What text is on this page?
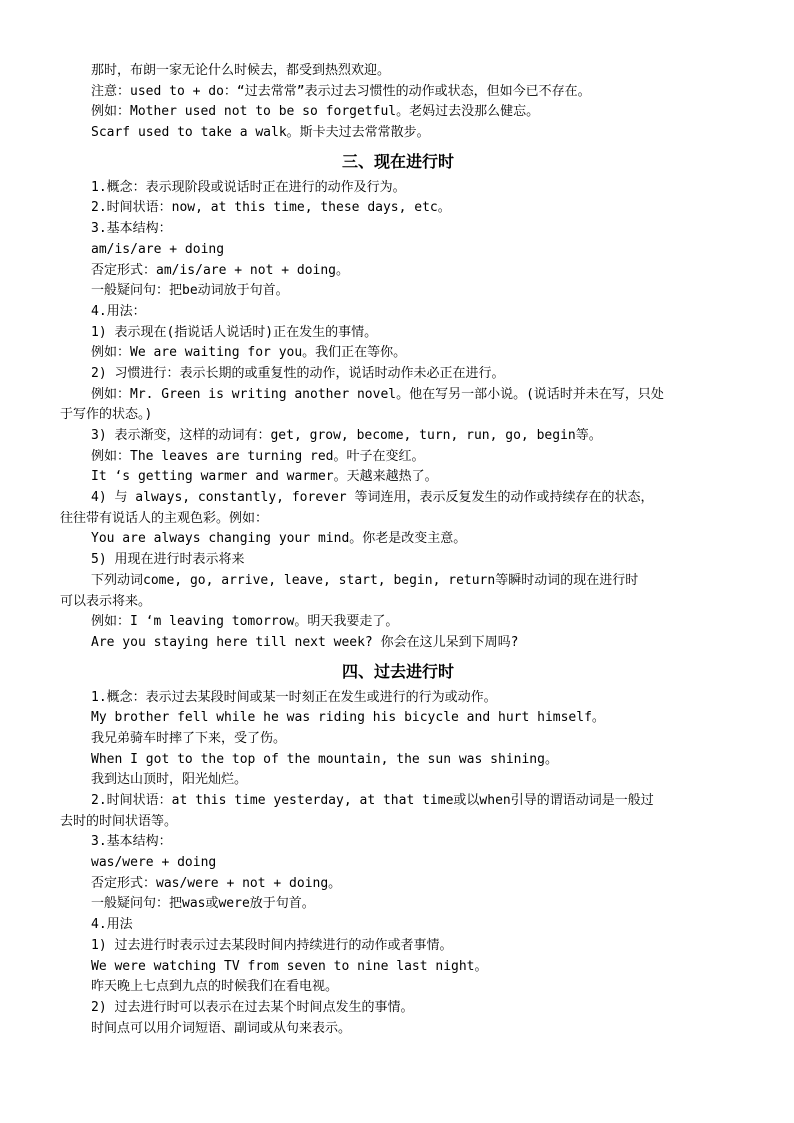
那时，布朗一家无论什么时候去，都受到热烈欢迎。
注意：used to + do：“过去常常”表示过去习惯性的动作或状态，但如今已不存在。
例如：Mother used not to be so forgetful。老妈过去没那么健忘。
Scarf used to take a walk。斯卡夫过去常常散步。
三、现在进行时
1.概念：表示现阶段或说话时正在进行的动作及行为。
2.时间状语：now, at this time, these days, etc。
3.基本结构：
am/is/are + doing
否定形式：am/is/are + not + doing。
一般疑问句：把be动词放于句首。
4.用法：
1) 表示现在(指说话人说话时)正在发生的事情。
例如：We are waiting for you。我们正在等你。
2) 习惯进行：表示长期的或重复性的动作，说话时动作未必正在进行。
例如：Mr. Green is writing another novel。他在写另一部小说。(说话时并未在写，只处
于写作的状态。)
3) 表示渐变，这样的动词有：get, grow, become, turn, run, go, begin等。
例如：The leaves are turning red。叶子在变红。
It ‘s getting warmer and warmer。天越来越热了。
4) 与 always, constantly, forever 等词连用，表示反复发生的动作或持续存在的状态，
往往带有说话人的主观色彩。例如：
You are always changing your mind。你老是改变主意。
5) 用现在进行时表示将来
下列动词come, go, arrive, leave, start, begin, return等瞬时动词的现在进行时
可以表示将来。
例如：I ‘m leaving tomorrow。明天我要走了。
Are you staying here till next week? 你会在这儿呆到下周吗?
四、过去进行时
1.概念：表示过去某段时间或某一时刻正在发生或进行的行为或动作。
My brother fell while he was riding his bicycle and hurt himself。
我兄弟骑车时摔了下来，受了伤。
When I got to the top of the mountain, the sun was shining。
我到达山顶时，阳光灿烂。
2.时间状语：at this time yesterday, at that time或以when引导的谓语动词是一般过
去时的时间状语等。
3.基本结构：
was/were + doing
否定形式：was/were + not + doing。
一般疑问句：把was或were放于句首。
4.用法
1) 过去进行时表示过去某段时间内持续进行的动作或者事情。
We were watching TV from seven to nine last night。
昨天晚上七点到九点的时候我们在看电视。
2) 过去进行时可以表示在过去某个时间点发生的事情。
时间点可以用介词短语、副词或从句来表示。
